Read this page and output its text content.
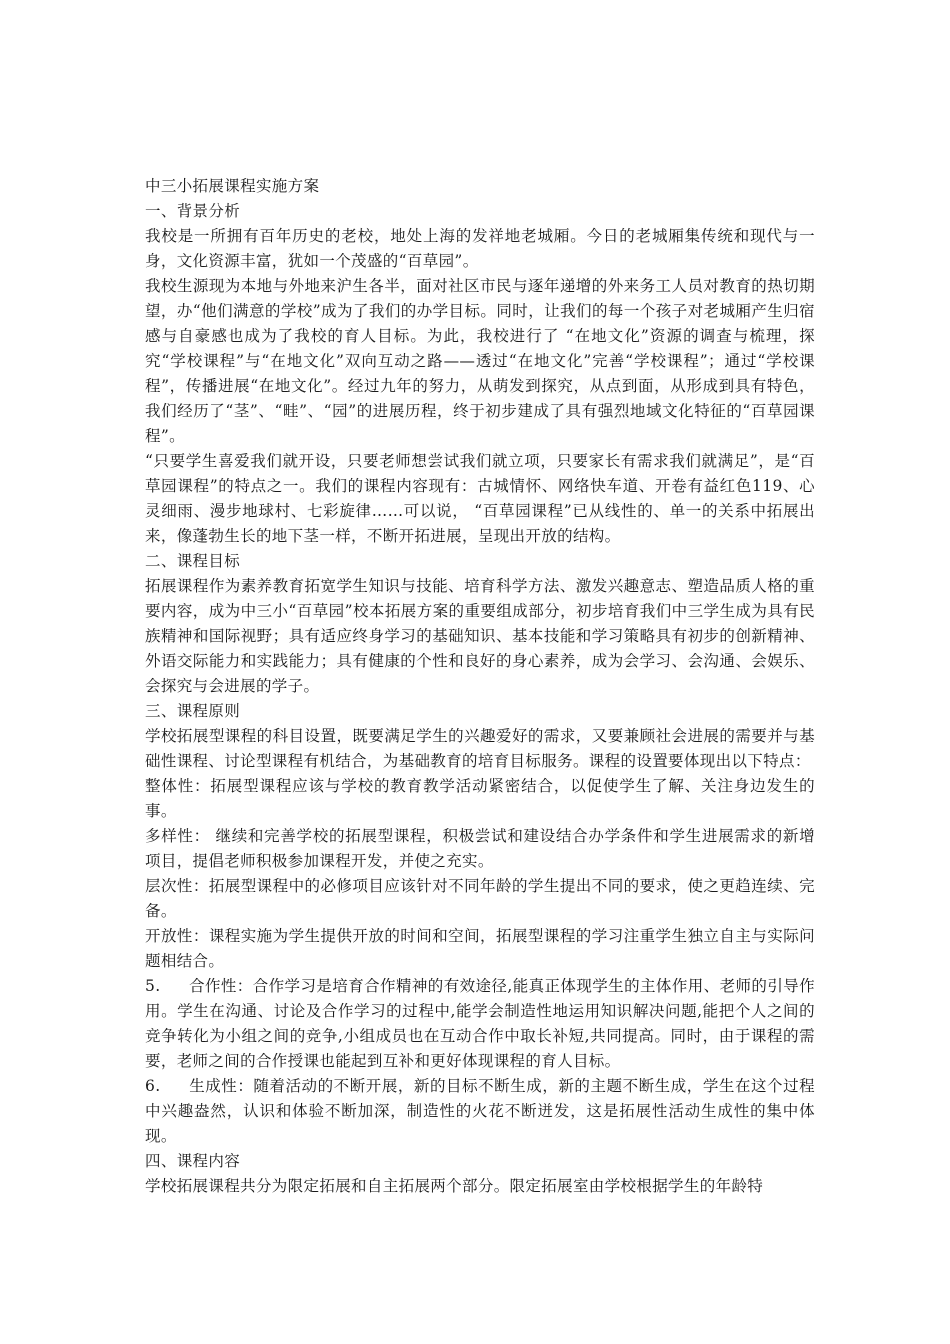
中三小拓展课程实施方案

一、背景分析

我校是一所拥有百年历史的老校，地处上海的发祥地老城厢。今日的老城厢集传统和现代与一身，文化资源丰富，犹如一个茂盛的“百草园”。

我校生源现为本地与外地来沪生各半，面对社区市民与逐年递增的外来务工人员对教育的热切期望，办“他们满意的学校”成为了我们的办学目标。同时，让我们的每一个孩子对老城厢产生归宿感与自豪感也成为了我校的育人目标。为此，我校进行了 “在地文化”资源的调查与梳理，探究“学校课程”与“在地文化”双向互动之路——透过“在地文化”完善“学校课程”；通过“学校课程”，传播进展“在地文化”。经过九年的努力，从萌发到探究，从点到面，从形成到具有特色，我们经历了“茎”、“畦”、“园”的进展历程，终于初步建成了具有强烈地域文化特征的“百草园课程”。

“只要学生喜爱我们就开设，只要老师想尝试我们就立项，只要家长有需求我们就满足”，是“百草园课程”的特点之一。我们的课程内容现有：古城情怀、网络快车道、开卷有益红色119、心灵细雨、漫步地球村、七彩旋律……可以说， “百草园课程”已从线性的、单一的关系中拓展出来，像蓬勃生长的地下茎一样，不断开拓进展，呈现出开放的结构。

二、课程目标

拓展课程作为素养教育拓宽学生知识与技能、培育科学方法、激发兴趣意志、塑造品质人格的重要内容，成为中三小“百草园”校本拓展方案的重要组成部分，初步培育我们中三学生成为具有民族精神和国际视野；具有适应终身学习的基础知识、基本技能和学习策略具有初步的创新精神、外语交际能力和实践能力；具有健康的个性和良好的身心素养，成为会学习、会沟通、会娱乐、会探究与会进展的学子。

三、课程原则

学校拓展型课程的科目设置，既要满足学生的兴趣爱好的需求，又要兼顾社会进展的需要并与基础性课程、讨论型课程有机结合，为基础教育的培育目标服务。课程的设置要体现出以下特点：

整体性：拓展型课程应该与学校的教育教学活动紧密结合，以促使学生了解、关注身边发生的事。

多样性： 继续和完善学校的拓展型课程，积极尝试和建设结合办学条件和学生进展需求的新增项目，提倡老师积极参加课程开发，并使之充实。

层次性：拓展型课程中的必修项目应该针对不同年龄的学生提出不同的要求，使之更趋连续、完备。

开放性：课程实施为学生提供开放的时间和空间，拓展型课程的学习注重学生独立自主与实际问题相结合。

5. 合作性：合作学习是培育合作精神的有效途径,能真正体现学生的主体作用、老师的引导作用。学生在沟通、讨论及合作学习的过程中,能学会制造性地运用知识解决问题,能把个人之间的竞争转化为小组之间的竞争,小组成员也在互动合作中取长补短,共同提高。同时，由于课程的需要，老师之间的合作授课也能起到互补和更好体现课程的育人目标。

6. 生成性：随着活动的不断开展，新的目标不断生成，新的主题不断生成，学生在这个过程中兴趣盎然，认识和体验不断加深，制造性的火花不断迸发，这是拓展性活动生成性的集中体现。

四、课程内容

学校拓展课程共分为限定拓展和自主拓展两个部分。限定拓展室由学校根据学生的年龄特
